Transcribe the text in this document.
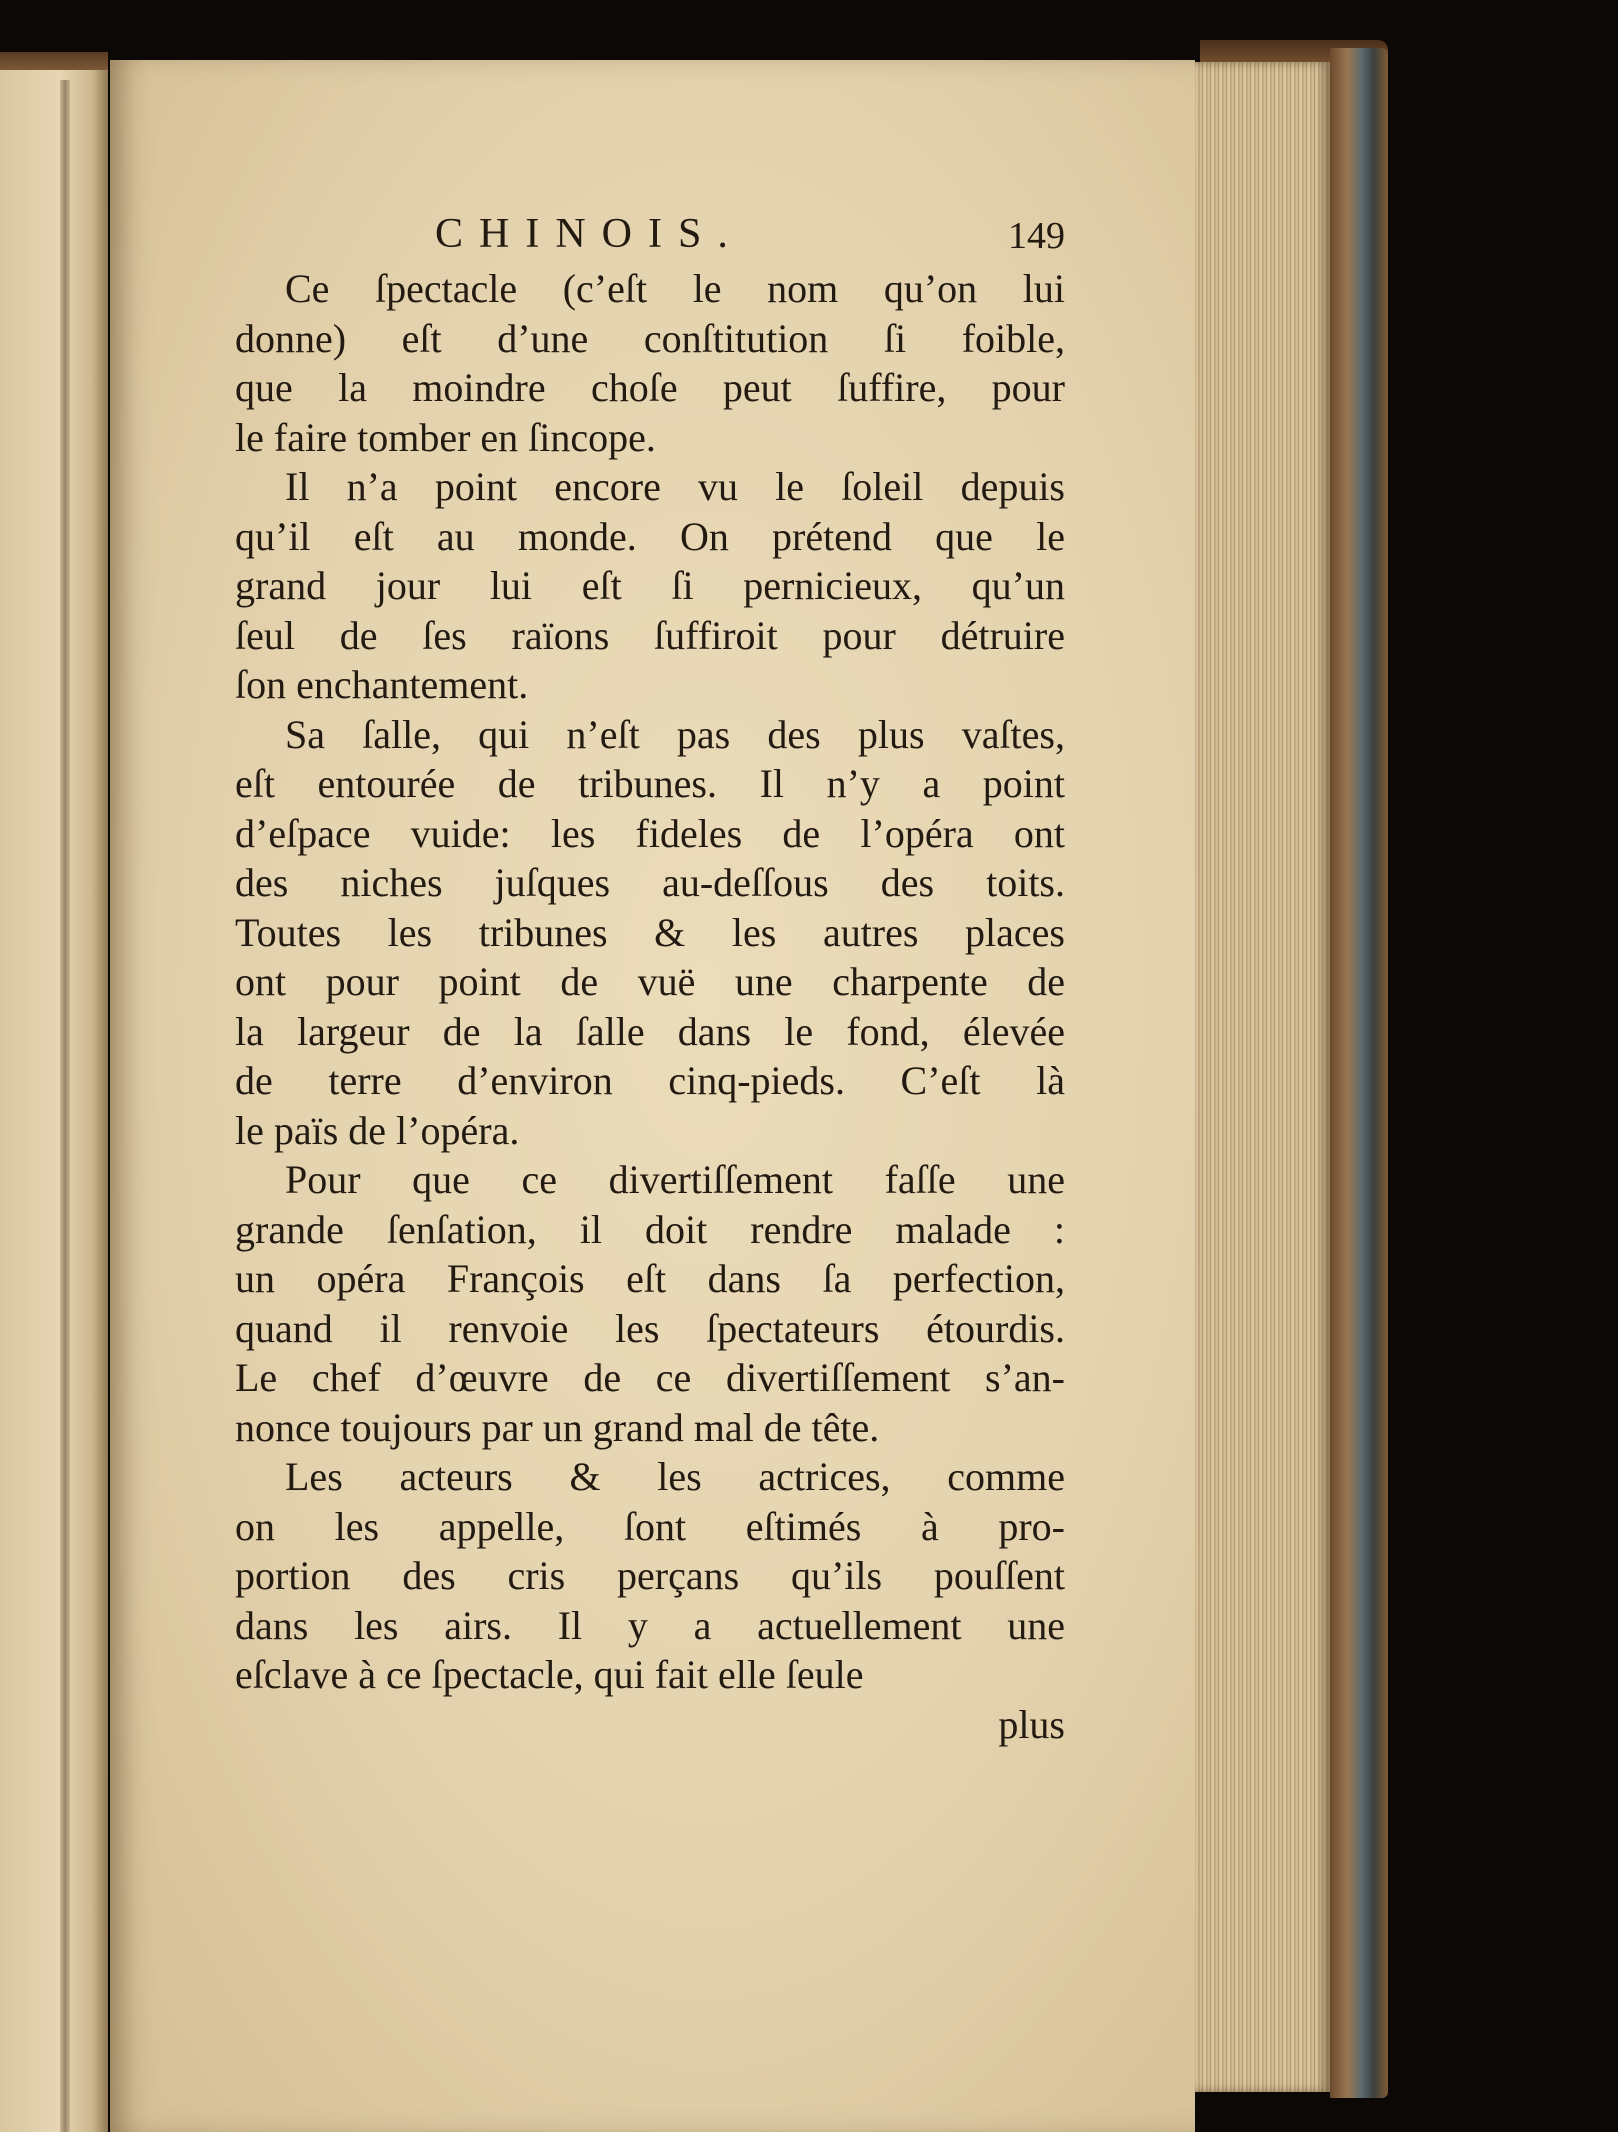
CHINOIS.	149
Ce ſpectacle (c’eſt le nom qu’on lui
donne) eſt d’une conſtitution ſi foible,
que la moindre choſe peut ſuffire, pour
le faire tomber en ſincope.
Il n’a point encore vu le ſoleil depuis
qu’il eſt au monde. On prétend que le
grand jour lui eſt ſi pernicieux, qu’un
ſeul de ſes raïons ſuffiroit pour détruire
ſon enchantement.
Sa ſalle, qui n’eſt pas des plus vaſtes,
eſt entourée de tribunes. Il n’y a point
d’eſpace vuide: les fideles de l’opéra ont
des niches juſques au-deſſous des toits.
Toutes les tribunes & les autres places
ont pour point de vuë une charpente de
la largeur de la ſalle dans le fond, élevée
de terre d’environ cinq-pieds. C’eſt là
le païs de l’opéra.
Pour que ce divertiſſement faſſe une
grande ſenſation, il doit rendre malade :
un opéra François eſt dans ſa perfection,
quand il renvoie les ſpectateurs étourdis.
Le chef d’œuvre de ce divertiſſement s’an-
nonce toujours par un grand mal de tête.
Les acteurs & les actrices, comme
on les appelle, ſont eſtimés à pro-
portion des cris perçans qu’ils pouſſent
dans les airs. Il y a actuellement une
eſclave à ce ſpectacle, qui fait elle ſeule
plus
